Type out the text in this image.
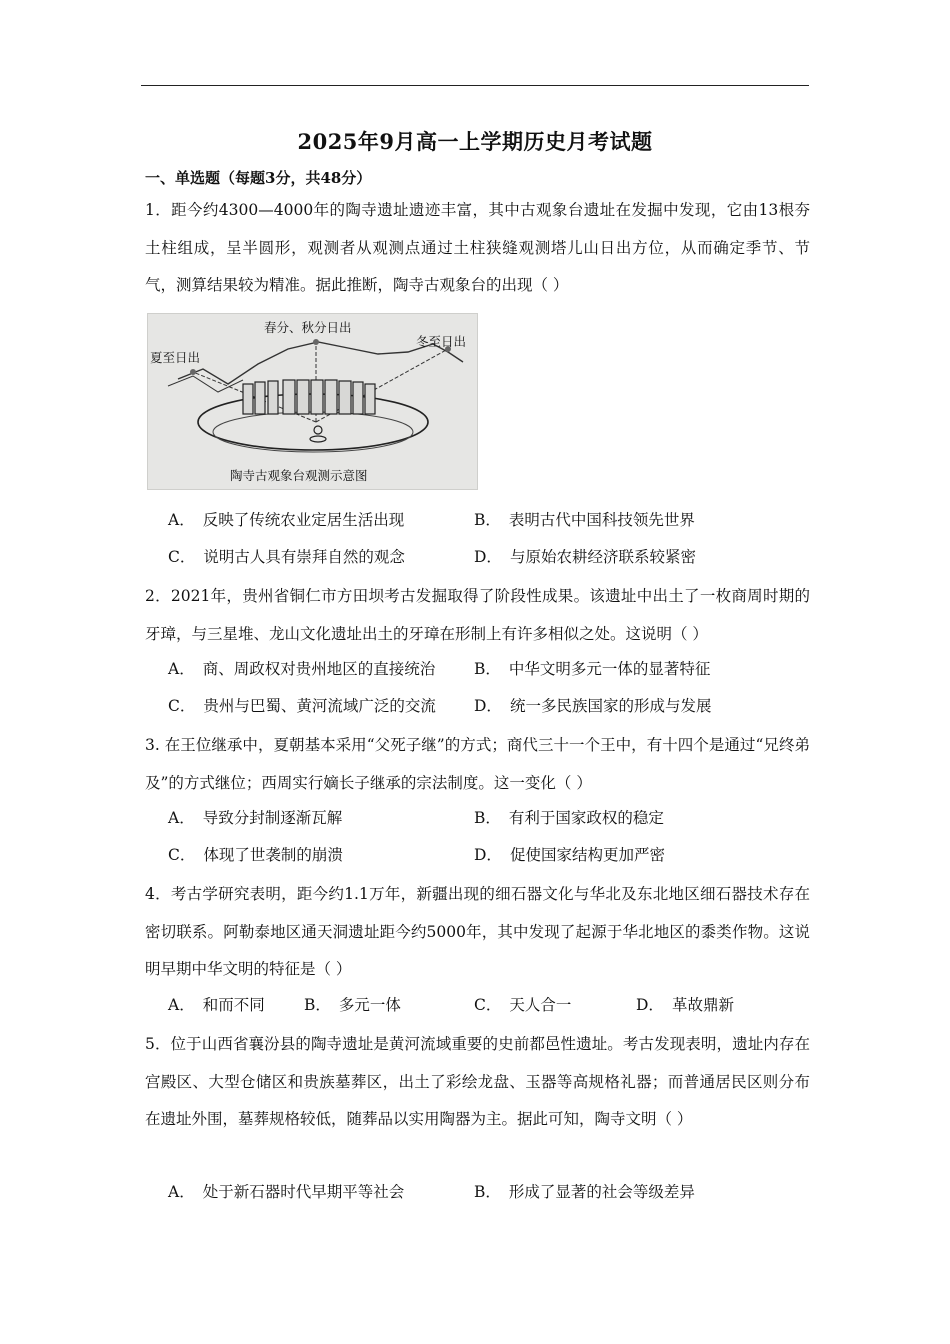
2025年9月高一上学期历史月考试题
一、单选题（每题3分，共48分）
1．距今约4300—4000年的陶寺遗址遗迹丰富，其中古观象台遗址在发掘中发现，它由13根夯土柱组成，呈半圆形，观测者从观测点通过土柱狭缝观测塔儿山日出方位，从而确定季节、节气，测算结果较为精准。据此推断，陶寺古观象台的出现（ ）
春分、秋分日出
夏至日出
冬至日出
陶寺古观象台观测示意图
A． 反映了传统农业定居生活出现	B． 表明古代中国科技领先世界
C． 说明古人具有崇拜自然的观念	D． 与原始农耕经济联系较紧密
2．2021年，贵州省铜仁市方田坝考古发掘取得了阶段性成果。该遗址中出土了一枚商周时期的牙璋，与三星堆、龙山文化遗址出土的牙璋在形制上有许多相似之处。这说明（ ）
A． 商、周政权对贵州地区的直接统治	B． 中华文明多元一体的显著特征
C． 贵州与巴蜀、黄河流域广泛的交流 D． 统一多民族国家的形成与发展
3. 在王位继承中，夏朝基本采用“父死子继”的方式；商代三十一个王中，有十四个是通过“兄终弟及”的方式继位；西周实行嫡长子继承的宗法制度。这一变化（ ）
A． 导致分封制逐渐瓦解	B． 有利于国家政权的稳定
C． 体现了世袭制的崩溃	D． 促使国家结构更加严密
4．考古学研究表明，距今约1.1万年，新疆出现的细石器文化与华北及东北地区细石器技术存在密切联系。阿勒泰地区通天洞遗址距今约5000年，其中发现了起源于华北地区的黍类作物。这说明早期中华文明的特征是（ ）
A． 和而不同	B． 多元一体	C． 天人合一	D． 革故鼎新
5．位于山西省襄汾县的陶寺遗址是黄河流域重要的史前都邑性遗址。考古发现表明，遗址内存在宫殿区、大型仓储区和贵族墓葬区，出土了彩绘龙盘、玉器等高规格礼器；而普通居民区则分布在遗址外围，墓葬规格较低，随葬品以实用陶器为主。据此可知，陶寺文明（ ）
A． 处于新石器时代早期平等社会	B． 形成了显著的社会等级差异
